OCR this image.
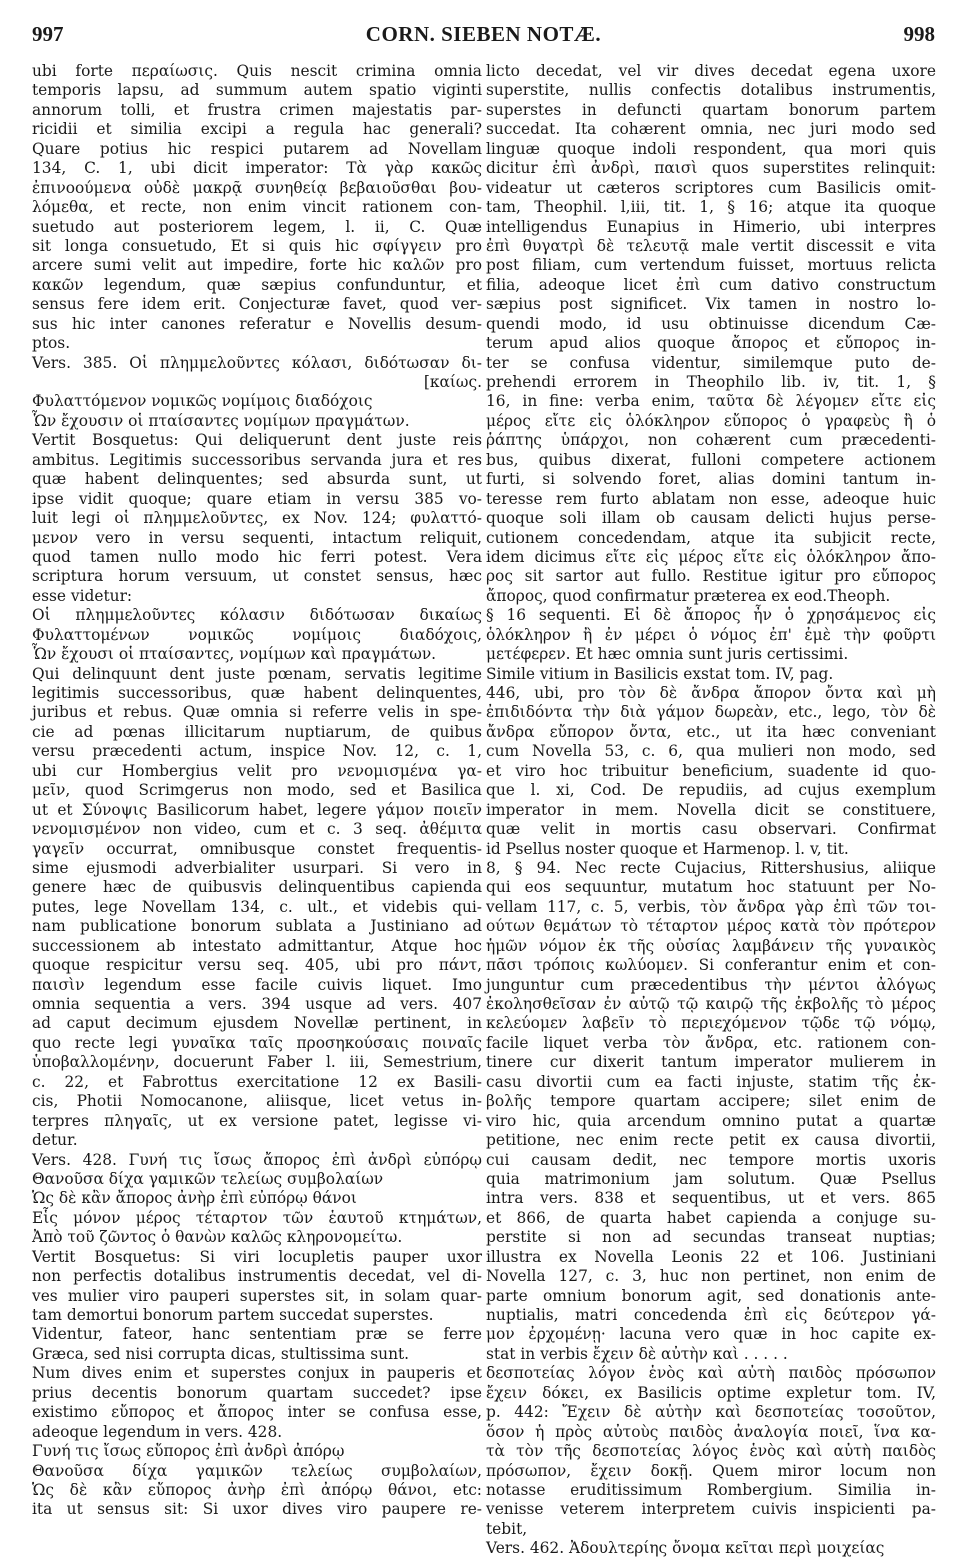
997	CORN. SIEBEN NOTÆ.	998
ubi forte περαίωσις. Quis nescit crimina omnia
temporis lapsu, ad summum autem spatio viginti
annorum tolli, et frustra crimen majestatis par-
ricidii et similia excipi a regula hac generali?
Quare potius hic respici putarem ad Novellam
134, C. 1, ubi dicit imperator: Τὰ γὰρ κακῶς
ἐπινοούμενα οὐδὲ μακρᾷ συνηθείᾳ βεβαιοῦσθαι βου-
λόμεθα, et recte, non enim vincit rationem con-
suetudo aut posteriorem legem, l. ii, C. Quæ
sit longa consuetudo, Et si quis hic σφίγγειν pro
arcere sumi velit aut impedire, forte hic καλῶν pro
κακῶν legendum, quæ sæpius confunduntur, et
sensus fere idem erit. Conjecturæ favet, quod ver-
sus hic inter canones referatur e Novellis desum-
ptos.
Vers. 385. Οἱ πλημμελοῦντες κόλασι, διδότωσαν δι-
[καίως.
Φυλαττόμενον νομικῶς νομίμοις διαδόχοις
Ὧν ἔχουσιν οἱ πταίσαντες νομίμων πραγμάτων.
Vertit Bosquetus: Qui deliquerunt dent juste reis
ambitus. Legitimis successoribus servanda jura et res
quæ habent delinquentes; sed absurda sunt, ut
ipse vidit quoque; quare etiam in versu 385 vo-
luit legi οἱ πλημμελοῦντες, ex Nov. 124; φυλαττό-
μενον vero in versu sequenti, intactum reliquit,
quod tamen nullo modo hic ferri potest. Vera
scriptura horum versuum, ut constet sensus, hæc
esse videtur:
Οἱ πλημμελοῦντες κόλασιν διδότωσαν δικαίως
Φυλαττομένων νομικῶς νομίμοις διαδόχοις,
Ὧν ἔχουσι οἱ πταίσαντες, νομίμων καὶ πραγμάτων.
Qui delinquunt dent juste pœnam, servatis legitime
legitimis successoribus, quæ habent delinquentes,
juribus et rebus. Quæ omnia si referre velis in spe-
cie ad pœnas illicitarum nuptiarum, de quibus
versu præcedenti actum, inspice Nov. 12, c. 1,
ubi cur Hombergius velit pro νενομισμένα γα-
μεῖν, quod Scrimgerus non modo, sed et Basilica
ut et Σύνοψις Basilicorum habet, legere γάμον ποιεῖν
νενομισμένον non video, cum et c. 3 seq. ἀθέμιτα
γαγεῖν occurrat, omnibusque constet frequentis-
sime ejusmodi adverbialiter usurpari. Si vero in
genere hæc de quibusvis delinquentibus capienda
putes, lege Novellam 134, c. ult., et videbis qui-
nam publicatione bonorum sublata a Justiniano ad
successionem ab intestato admittantur, Atque hoc
quoque respicitur versu seq. 405, ubi pro πάντ,
παισὶν legendum esse facile cuivis liquet. Imo
omnia sequentia a vers. 394 usque ad vers. 407
ad caput decimum ejusdem Novellæ pertinent, in
quo recte legi γυναῖκα ταῖς προσηκούσαις ποιναῖς
ὑποβαλλομένην, docuerunt Faber l. iii, Semestrium,
c. 22, et Fabrottus exercitatione 12 ex Basili-
cis, Photii Nomocanone, aliisque, licet vetus in-
terpres πληγαῖς, ut ex versione patet, legisse vi-
detur.
Vers. 428. Γυνή τις ἴσως ἄπορος ἐπὶ ἀνδρὶ εὐπόρῳ
Θανοῦσα δίχα γαμικῶν τελείως συμβολαίων
Ὡς δὲ κἂν ἄπορος ἀνὴρ ἐπὶ εὐπόρῳ θάνοι
Εἷς μόνον μέρος τέταρτον τῶν ἑαυτοῦ κτημάτων,
Ἀπὸ τοῦ ζῶντος ὁ θανὼν καλῶς κληρονομείτω.
Vertit Bosquetus: Si viri locupletis pauper uxor
non perfectis dotalibus instrumentis decedat, vel di-
ves mulier viro pauperi superstes sit, in solam quar-
tam demortui bonorum partem succedat superstes.
Videntur, fateor, hanc sententiam præ se ferre
Græca, sed nisi corrupta dicas, stultissima sunt.
Num dives enim et superstes conjux in pauperis et
prius decentis bonorum quartam succedet? ipse
existimo εὔπορος et ἄπορος inter se confusa esse,
adeoque legendum in vers. 428.
Γυνή τις ἴσως εὔπορος ἐπὶ ἀνδρὶ ἀπόρῳ
Θανοῦσα δίχα γαμικῶν τελείως συμβολαίων,
Ὡς δὲ κἂν εὔπορος ἀνὴρ ἐπὶ ἀπόρῳ θάνοι, etc:
ita ut sensus sit: Si uxor dives viro paupere re-
licto decedat, vel vir dives decedat egena uxore
superstite, nullis confectis dotalibus instrumentis,
superstes in defuncti quartam bonorum partem
succedat. Ita cohærent omnia, nec juri modo sed
linguæ quoque indoli respondent, qua mori quis
dicitur ἐπὶ ἀνδρὶ, παισὶ quos superstites relinquit:
videatur ut cæteros scriptores cum Basilicis omit-
tam, Theophil. l,iii, tit. 1, § 16; atque ita quoque
intelligendus Eunapius in Himerio, ubi interpres
ἐπὶ θυγατρὶ δὲ τελευτᾷ male vertit discessit e vita
post filiam, cum vertendum fuisset, mortuus relicta
filia, adeoque licet ἐπὶ cum dativo constructum
sæpius post significet. Vix tamen in nostro lo-
quendi modo, id usu obtinuisse dicendum Cæ-
terum apud alios quoque ἄπορος et εὔπορος in-
ter se confusa videntur, similemque puto de-
prehendi errorem in Theophilo lib. iv, tit. 1, §
16, in fine: verba enim, ταῦτα δὲ λέγομεν εἴτε εἰς
μέρος εἴτε εἰς ὁλόκληρον εὔπορος ὁ γραφεὺς ἢ ὁ
ῥάπτης ὑπάρχοι, non cohærent cum præcedenti-
bus, quibus dixerat, fulloni competere actionem
furti, si solvendo foret, alias domini tantum in-
teresse rem furto ablatam non esse, adeoque huic
quoque soli illam ob causam delicti hujus perse-
cutionem concedendam, atque ita subjicit recte,
idem dicimus εἴτε εἰς μέρος εἴτε εἰς ὁλόκληρον ἄπο-
ρος sit sartor aut fullo. Restitue igitur pro εὔπορος
ἄπορος, quod confirmatur præterea ex eod.Theoph.
§ 16 sequenti. Εἰ δὲ ἄπορος ἦν ὁ χρησάμενος εἰς
ὁλόκληρον ἢ ἐν μέρει ὁ νόμος ἐπ' ἐμὲ τὴν φοῦρτι
μετέφερεν. Et hæc omnia sunt juris certissimi.
Simile vitium in Basilicis exstat tom. IV, pag.
446, ubi, pro τὸν δὲ ἄνδρα ἄπορον ὄντα καὶ μὴ
ἐπιδιδόντα τὴν διὰ γάμον δωρεὰν, etc., lego, τὸν δὲ
ἄνδρα εὔπορον ὄντα, etc., ut ita hæc conveniant
cum Novella 53, c. 6, qua mulieri non modo, sed
et viro hoc tribuitur beneficium, suadente id quo-
que l. xi, Cod. De repudiis, ad cujus exemplum
imperator in mem. Novella dicit se constituere,
quæ velit in mortis casu observari. Confirmat
id Psellus noster quoque et Harmenop. l. v, tit.
8, § 94. Nec recte Cujacius, Rittershusius, aliique
qui eos sequuntur, mutatum hoc statuunt per No-
vellam 117, c. 5, verbis, τὸν ἄνδρα γὰρ ἐπὶ τῶν τοι-
ούτων θεμάτων τὸ τέταρτον μέρος κατὰ τὸν πρότερον
ἡμῶν νόμον ἐκ τῆς οὐσίας λαμβάνειν τῆς γυναικὸς
πᾶσι τρόποις κωλύομεν. Si conferantur enim et con-
junguntur cum præcedentibus τὴν μέντοι ἀλόγως
ἐκολησθεῖσαν ἐν αὐτῷ τῷ καιρῷ τῆς ἐκβολῆς τὸ μέρος
κελεύομεν λαβεῖν τὸ περιεχόμενον τῷδε τῷ νόμῳ,
facile liquet verba τὸν ἄνδρα, etc. rationem con-
tinere cur dixerit tantum imperator mulierem in
casu divortii cum ea facti injuste, statim τῆς ἐκ-
βολῆς tempore quartam accipere; silet enim de
viro hic, quia arcendum omnino putat a quartæ
petitione, nec enim recte petit ex causa divortii,
cui causam dedit, nec tempore mortis uxoris
quia matrimonium jam solutum. Quæ Psellus
intra vers. 838 et sequentibus, ut et vers. 865
et 866, de quarta habet capienda a conjuge su-
perstite si non ad secundas transeat nuptias;
illustra ex Novella Leonis 22 et 106. Justiniani
Novella 127, c. 3, huc non pertinet, non enim de
parte omnium bonorum agit, sed donationis ante-
nuptialis, matri concedenda ἐπὶ εἰς δεύτερον γά-
μον ἐρχομένῃ· lacuna vero quæ in hoc capite ex-
stat in verbis ἔχειν δὲ αὐτὴν καὶ . . . . .
δεσποτείας λόγον ἑνὸς καὶ αὐτὴ παιδὸς πρόσωπον
ἔχειν δόκει, ex Basilicis optime expletur tom. IV,
p. 442: Ἔχειν δὲ αὐτὴν καὶ δεσποτείας τοσοῦτον,
ὅσον ἡ πρὸς αὐτοὺς παιδὸς ἀναλογία ποιεῖ, ἵνα κα-
τὰ τὸν τῆς δεσποτείας λόγος ἑνὸς καὶ αὐτὴ παιδὸς
πρόσωπον, ἔχειν δοκῇ. Quem miror locum non
notasse eruditissimum Rombergium. Similia in-
venisse veterem interpretem cuivis inspicienti pa-
tebit,
Vers. 462. Ἀδουλτερίης ὄνομα κεῖται περὶ μοιχείας
